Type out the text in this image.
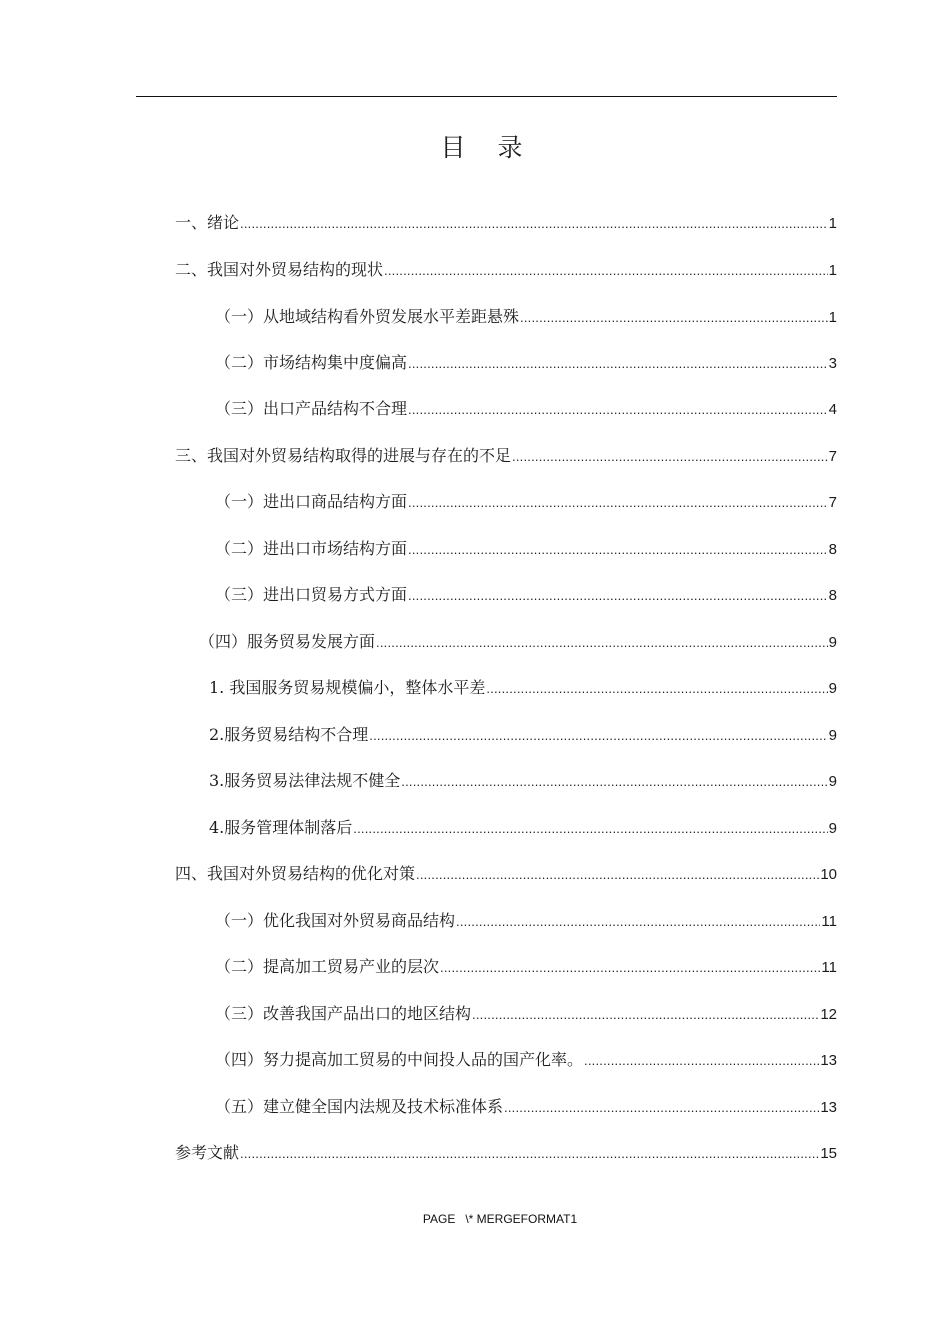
目 录
一、绪论 .....	1
二、我国对外贸易结构的现状 .....	1
（一）从地域结构看外贸发展水平差距悬殊 .....	1
（二）市场结构集中度偏高 .....	3
（三）出口产品结构不合理 .....	4
三、我国对外贸易结构取得的进展与存在的不足 .....	7
（一）进出口商品结构方面 .....	7
（二）进出口市场结构方面 .....	8
（三）进出口贸易方式方面 .....	8
（四）服务贸易发展方面 .....	9
1. 我国服务贸易规模偏小，整体水平差 .....	9
2.服务贸易结构不合理 .....	9
3.服务贸易法律法规不健全 .....	9
4.服务管理体制落后 .....	9
四、我国对外贸易结构的优化对策 .....	10
（一）优化我国对外贸易商品结构 .....	11
（二）提高加工贸易产业的层次 .....	11
（三）改善我国产品出口的地区结构 .....	12
（四）努力提高加工贸易的中间投人品的国产化率。 .....	13
（五）建立健全国内法规及技术标准体系 .....	13
参考文献 .....	15
PAGE   \* MERGEFORMAT1
